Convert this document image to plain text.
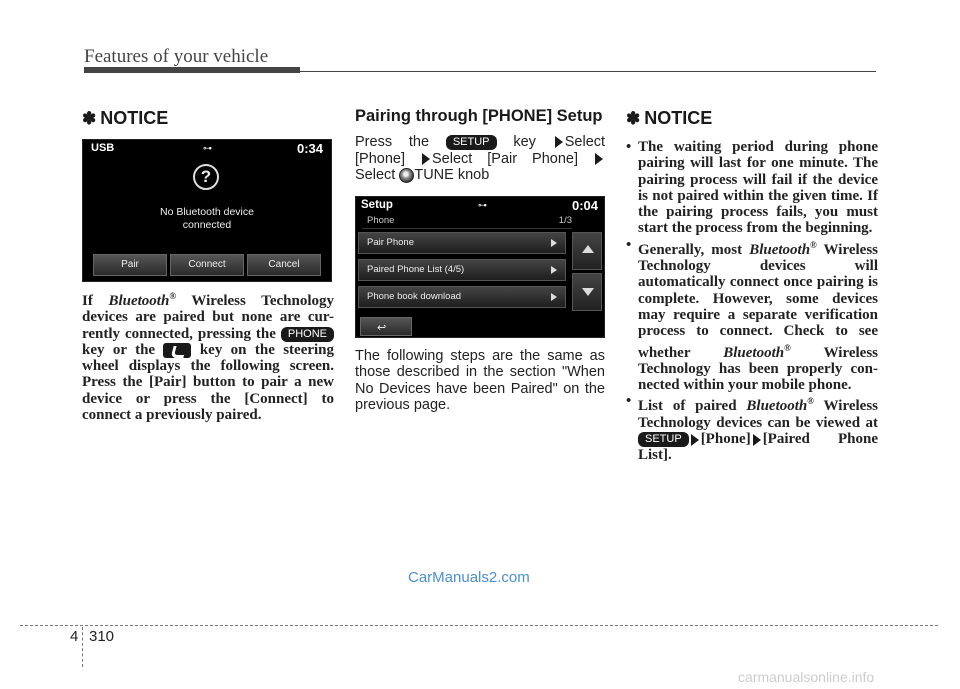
Features of your vehicle
✽ NOTICE
USB	0:34
⊶
?
No Bluetooth device
connected
Pair	Connect	Cancel
If Bluetooth® Wireless Technology devices are paired but none are cur-rently connected, pressing the PHONE key or the	key on the steering wheel displays the following screen. Press the [Pair] button to pair a new device or press the [Connect] to connect a previously paired.
Pairing through [PHONE] Setup
Press the SETUP key Select [Phone] Select [Pair Phone]  Select TUNE knob
Setup	0:04
⊶
Phone	1/3
Pair Phone
Paired Phone List (4/5)
Phone book download
↩
The following steps are the same as those described in the section "When No Devices have been Paired" on the previous page.
✽ NOTICE
• The waiting period during phone pairing will last for one minute. The pairing process will fail if the device is not paired within the given time. If the pairing process fails, you must start the process from the beginning.
• Generally, most Bluetooth® Wireless Technology devices will automatically connect once pairing is complete. However, some devices may require a separate verification process to connect. Check to see whether Bluetooth® Wireless Technology has been properly con-nected within your mobile phone.
• List of paired Bluetooth® Wireless Technology devices can be viewed at SETUP [Phone] [Paired Phone List].
CarManuals2.com
4 310
carmanualsonline.info
